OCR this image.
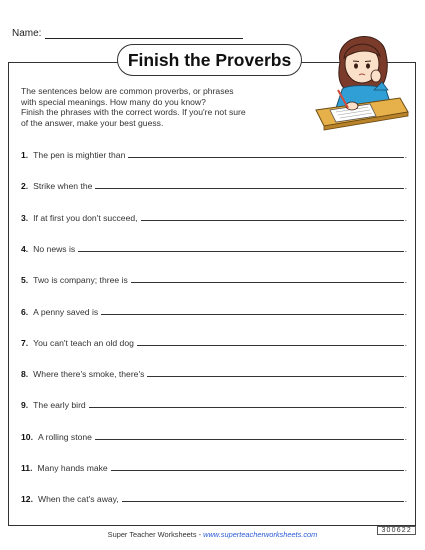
Name:
Finish the Proverbs

The sentences below are common proverbs, or phrases

with special meanings. How many do you know?

Finish the phrases with the correct words. If you're not sure

of the answer, make your best guess.

1 . The pen is mightier than	.
2 . Strike when the	.
3 . If at first you don't succeed,	.
4 . No news is	.
5 . Two is company; three is	.
6 . A penny saved is	.
7 . You can't teach an old dog	.
8 . Where there's smoke, there's	.
9 . The early bird	.
10 . A rolling stone	.
11 . Many hands make	.
12 . When the cat's away,	.
Super Teacher Worksheets - www.superteacherworksheets.com	300622
